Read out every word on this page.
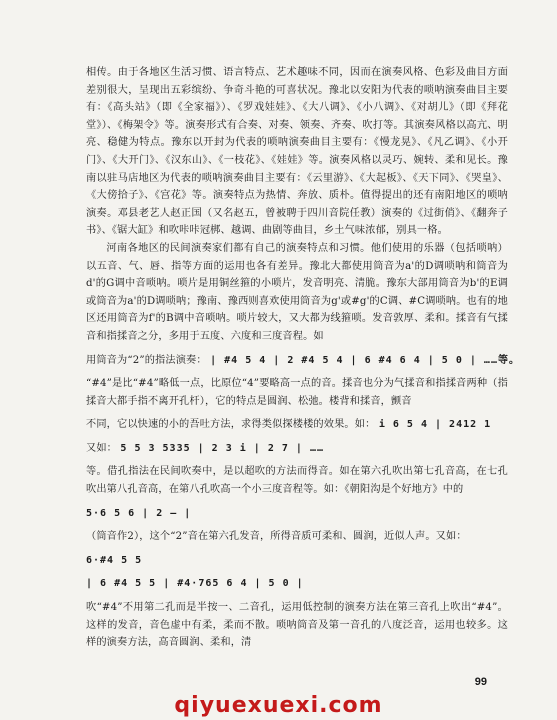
相传。由于各地区生活习惯、语言特点、艺术趣味不同，因而在演奏风格、色彩及曲目方面差别很大，呈现出五彩缤纷、争奇斗艳的可喜状况。豫北以安阳为代表的唢呐演奏曲目主要有：《高头站》（即《全家福》）、《罗戏娃娃》、《大八调》、《小八调》、《对胡儿》（即《拜花堂》）、《梅架令》等。演奏形式有合奏、对奏、领奏、齐奏、吹打等。其演奏风格以高亢、明亮、稳健为特点。豫东以开封为代表的唢呐演奏曲目主要有：《慢龙晃》、《凡乙调》、《小开门》、《大开门》、《汉东山》、《一枝花》、《娃娃》等。演奏风格以灵巧、婉转、柔和见长。豫南以驻马店地区为代表的唢呐演奏曲目主要有：《云里游》、《大起板》、《天下同》、《哭皇》、《大傍拾子》、《宫花》等。演奏特点为热情、奔放、质朴。值得提出的还有南阳地区的唢呐演奏。邓县老艺人赵正国（又名赵五，曾被聘于四川音院任教）演奏的《过街俏》、《翻奔子书》、《锯大缸》和吹咔咔冠梆、越调、曲剧等曲目，乡土气味浓郁，别具一格。

河南各地区的民间演奏家们都有自己的演奏特点和习惯。他们使用的乐器（包括唢呐）以五音、气、唇、指等方面的运用也各有差异。豫北大都使用筒音为a'的D调唢呐和筒音为d'的G调中音唢呐。唢片是用铜丝箍的小唢片，发音明亮、清脆。豫东大部用筒音为b'的E调或筒音为a'的D调唢呐；豫南、豫西则喜欢使用筒音为g'或#g'的C调、#C调唢呐。也有的地区还用筒音为f'的B调中音唢呐。唢片较大，又大都为线箍唢。发音敦厚、柔和。揉音有气揉音和指揉音之分，多用于五度、六度和三度音程。如

用筒音为“2”的指法演奏： | #4 5 4 | 2 #4 5 4 | 6 #4 6 4 | 5 0 | ……等。

“#4”是比“#4”略低一点，比原位“4”要略高一点的音。揉音也分为气揉音和指揉音两种（指揉音大都手指不离开孔杆），它的特点是圆润、松弛。楼背和揉音，颤音

不同，它以快速的小的吾吐方法，求得类似探楼楼的效果。如： i 6 5 4 | 2412 1
又如： 5 5 3 5335 | 2 3 i | 2 7 | ……

等。借孔指法在民间吹奏中，是以超吹的方法而得音。如在第六孔吹出第七孔音高，在七孔吹出第八孔音高，在第八孔吹高一个小三度音程等。如：《朝阳沟是个好地方》中的

5·6 5 6 | 2 — |

（筒音作2），这个“2”音在第六孔发音，所得音质可柔和、圆润，近似人声。又如：

6·#4 5 5
| 6 #4 5 5 | #4·765 6 4 | 5 0 |

吹“#4”不用第二孔而是半按一、二音孔，运用低控制的演奏方法在第三音孔上吹出“#4”。这样的发音，音色虚中有柔，柔而不散。唢呐筒音及第一音孔的八度泛音，运用也较多。这样的演奏方法，高音圆润、柔和，清

99
qiyuexuexi.com
